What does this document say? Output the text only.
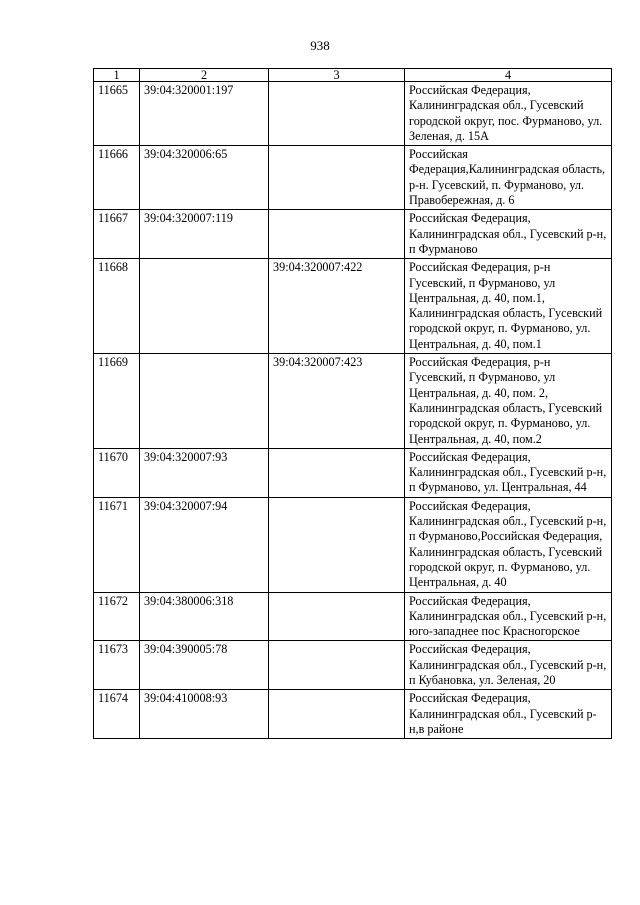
938
1	2	3	4
11665	39:04:320001:197		Российская Федерация, Калининградская обл., Гусевский городской округ, пос. Фурманово, ул. Зеленая, д. 15А
11666	39:04:320006:65		Российская Федерация,Калининградская область, р-н. Гусевский, п. Фурманово, ул. Правобережная, д. 6
11667	39:04:320007:119		Российская Федерация, Калининградская обл., Гусевский р-н, п Фурманово
11668		39:04:320007:422	Российская Федерация, р-н Гусевский, п Фурманово, ул Центральная, д. 40, пом.1, Калининградская область, Гусевский городской округ, п. Фурманово, ул. Центральная, д. 40, пом.1
11669		39:04:320007:423	Российская Федерация, р-н Гусевский, п Фурманово, ул Центральная, д. 40, пом. 2, Калининградская область, Гусевский городской округ, п. Фурманово, ул. Центральная, д. 40, пом.2
11670	39:04:320007:93		Российская Федерация, Калининградская обл., Гусевский р-н, п Фурманово, ул. Центральная, 44
11671	39:04:320007:94		Российская Федерация, Калининградская обл., Гусевский р-н, п Фурманово,Российская Федерация, Калининградская область, Гусевский городской округ, п. Фурманово, ул. Центральная, д. 40
11672	39:04:380006:318		Российская Федерация, Калининградская обл., Гусевский р-н, юго-западнее пос Красногорское
11673	39:04:390005:78		Российская Федерация, Калининградская обл., Гусевский р-н, п Кубановка, ул. Зеленая, 20
11674	39:04:410008:93		Российская Федерация, Калининградская обл., Гусевский р-н,в районе
